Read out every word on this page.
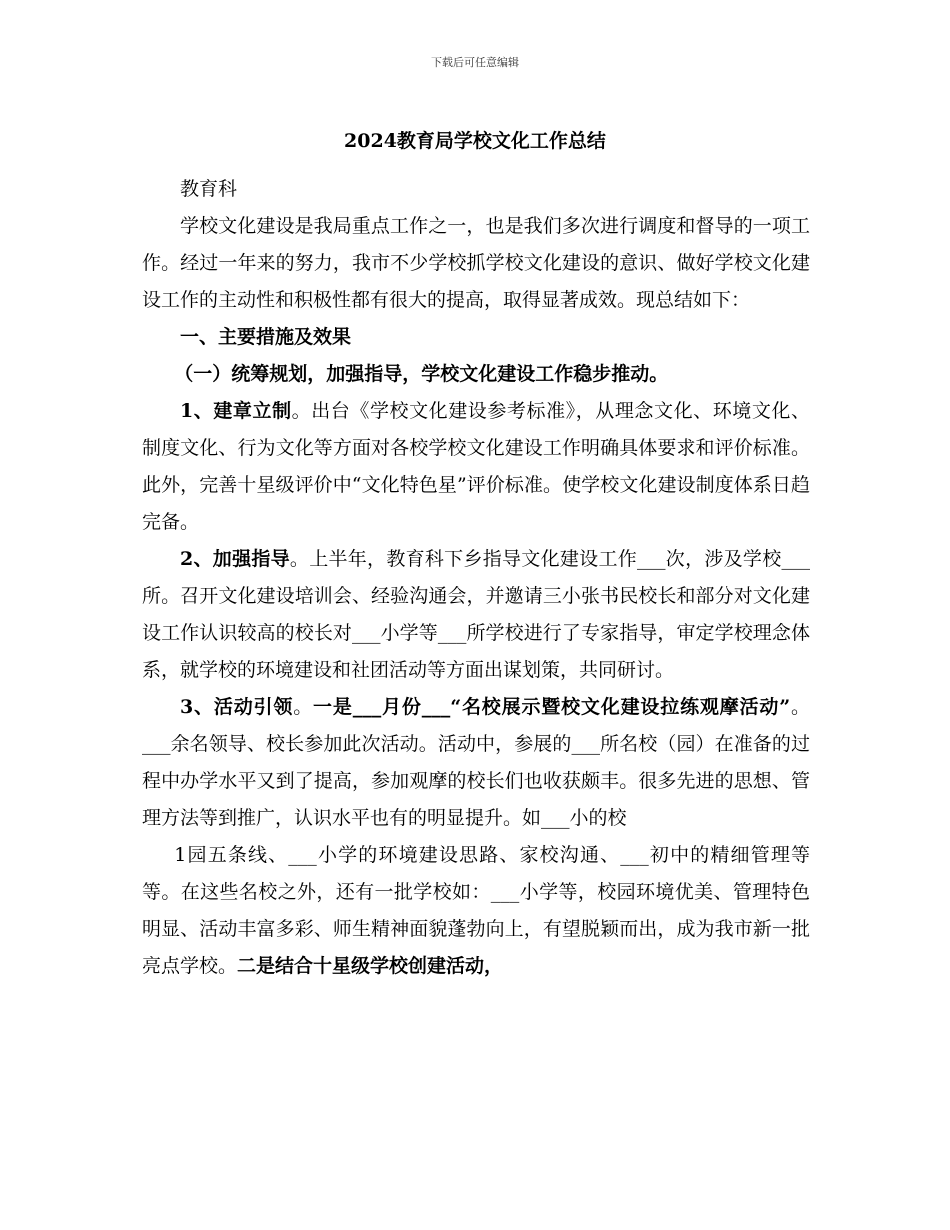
下载后可任意编辑
2024教育局学校文化工作总结

教育科

学校文化建设是我局重点工作之一，也是我们多次进行调度和督导的一项工作。经过一年来的努力，我市不少学校抓学校文化建设的意识、做好学校文化建设工作的主动性和积极性都有很大的提高，取得显著成效。现总结如下：

一、主要措施及效果

（一）统筹规划，加强指导，学校文化建设工作稳步推动。

1、建章立制。出台《学校文化建设参考标准》，从理念文化、环境文化、制度文化、行为文化等方面对各校学校文化建设工作明确具体要求和评价标准。此外，完善十星级评价中“文化特色星”评价标准。使学校文化建设制度体系日趋完备。

2、加强指导。上半年，教育科下乡指导文化建设工作___次，涉及学校___所。召开文化建设培训会、经验沟通会，并邀请三小张书民校长和部分对文化建设工作认识较高的校长对___小学等___所学校进行了专家指导，审定学校理念体系，就学校的环境建设和社团活动等方面出谋划策，共同研讨。

3、活动引领。一是___月份___“名校展示暨校文化建设拉练观摩活动”。___余名领导、校长参加此次活动。活动中，参展的___所名校（园）在准备的过程中办学水平又到了提高，参加观摩的校长们也收获颇丰。很多先进的思想、管理方法等到推广，认识水平也有的明显提升。如___小的校

1园五条线、___小学的环境建设思路、家校沟通、___初中的精细管理等等。在这些名校之外，还有一批学校如：___小学等，校园环境优美、管理特色明显、活动丰富多彩、师生精神面貌蓬勃向上，有望脱颖而出，成为我市新一批亮点学校。二是结合十星级学校创建活动，
